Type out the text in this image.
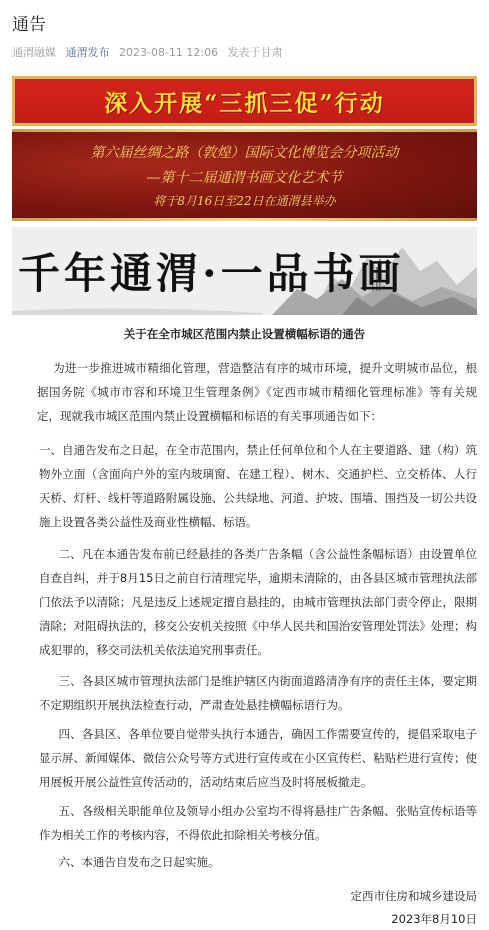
通告
通渭融媒 通渭发布 2023-08-11 12:06 发表于甘肃
深入开展“三抓三促”行动
第六届丝绸之路（敦煌）国际文化博览会分项活动
—第十二届通渭书画文化艺术节
将于8月16日至22日在通渭县举办
千年通渭·一品书画
关于在全市城区范围内禁止设置横幅标语的通告
为进一步推进城市精细化管理，营造整洁有序的城市环境，提升文明城市品位，根据国务院《城市市容和环境卫生管理条例》《定西市城市精细化管理标准》等有关规定，现就我市城区范围内禁止设置横幅和标语的有关事项通告如下：
一、自通告发布之日起，在全市范围内，禁止任何单位和个人在主要道路、建（构）筑物外立面（含面向户外的室内玻璃窗、在建工程）、树木、交通护栏、立交桥体、人行天桥、灯杆、线杆等道路附属设施、公共绿地、河道、护坡、围墙、围挡及一切公共设施上设置各类公益性及商业性横幅、标语。
二、凡在本通告发布前已经悬挂的各类广告条幅（含公益性条幅标语）由设置单位自查自纠，并于8月15日之前自行清理完毕，逾期未清除的，由各县区城市管理执法部门依法予以清除；凡是违反上述规定擅自悬挂的，由城市管理执法部门责令停止，限期清除；对阻碍执法的，移交公安机关按照《中华人民共和国治安管理处罚法》处理；构成犯罪的，移交司法机关依法追究刑事责任。
三、各县区城市管理执法部门是维护辖区内街面道路清净有序的责任主体，要定期不定期组织开展执法检查行动，严肃查处悬挂横幅标语行为。
四、各县区、各单位要自觉带头执行本通告，确因工作需要宣传的，提倡采取电子显示屏、新闻媒体、微信公众号等方式进行宣传或在小区宣传栏、粘贴栏进行宣传；使用展板开展公益性宣传活动的，活动结束后应当及时将展板撤走。
五、各级相关职能单位及领导小组办公室均不得将悬挂广告条幅、张贴宣传标语等作为相关工作的考核内容，不得依此扣除相关考核分值。
六、本通告自发布之日起实施。
定西市住房和城乡建设局
2023年8月10日
